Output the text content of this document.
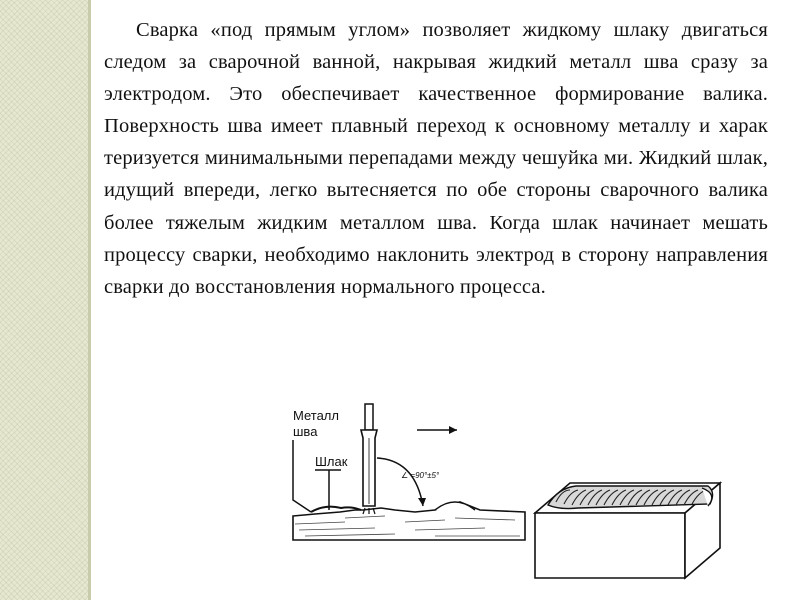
Сварка «под прямым углом» позволяет жидкому шлаку двигаться следом за сварочной ванной, накрывая жидкий металл шва сразу за электродом. Это обеспечивает качественное формирование валика. Поверхность шва имеет плавный переход к основному металлу и харак теризуется минимальными перепадами между чешуйка ми. Жидкий шлак, идущий впереди, легко вытесняется по обе стороны сварочного валика более тяжелым жидким металлом шва. Когда шлак начинает мешать процессу сварки, необходимо наклонить электрод в сторону направления сварки до восстановления нормального процесса.

Металл
шва
Шлак
∠ =90°±5°
